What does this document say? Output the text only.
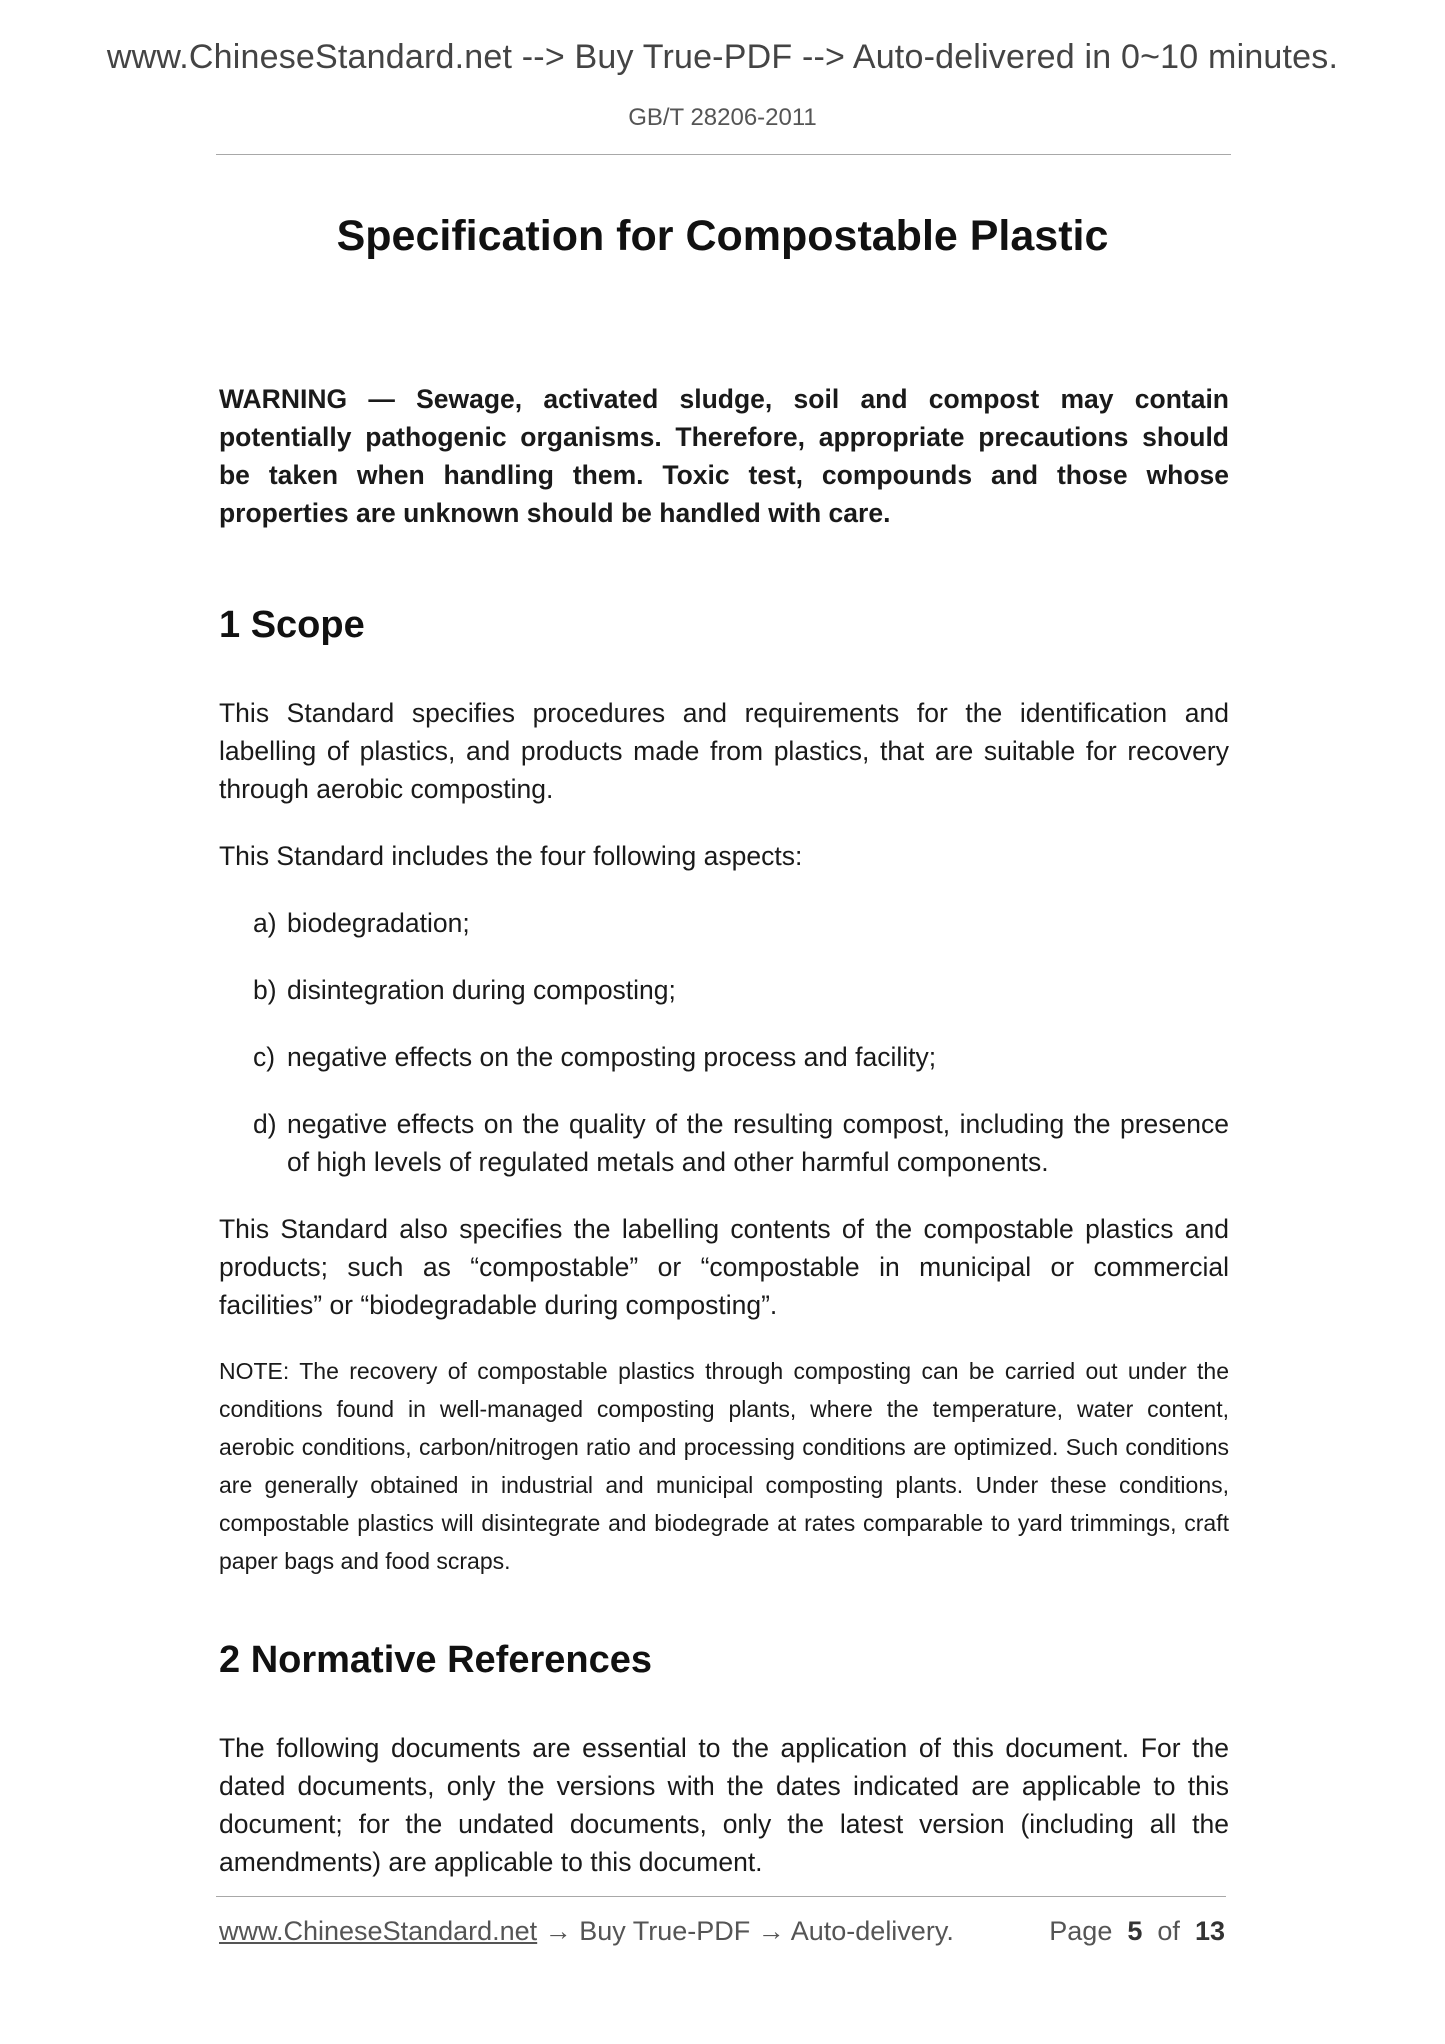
www.ChineseStandard.net --> Buy True-PDF --> Auto-delivered in 0~10 minutes.
GB/T 28206-2011
Specification for Compostable Plastic

WARNING — Sewage, activated sludge, soil and compost may contain potentially pathogenic organisms. Therefore, appropriate precautions should be taken when handling them. Toxic test, compounds and those whose properties are unknown should be handled with care.

1 Scope

This Standard specifies procedures and requirements for the identification and labelling of plastics, and products made from plastics, that are suitable for recovery through aerobic composting.

This Standard includes the four following aspects:

a) biodegradation;
b) disintegration during composting;
c) negative effects on the composting process and facility;
d) negative effects on the quality of the resulting compost, including the presence of high levels of regulated metals and other harmful components.

This Standard also specifies the labelling contents of the compostable plastics and products; such as “compostable” or “compostable in municipal or commercial facilities” or “biodegradable during composting”.

NOTE: The recovery of compostable plastics through composting can be carried out under the conditions found in well-managed composting plants, where the temperature, water content, aerobic conditions, carbon/nitrogen ratio and processing conditions are optimized. Such conditions are generally obtained in industrial and municipal composting plants. Under these conditions, compostable plastics will disintegrate and biodegrade at rates comparable to yard trimmings, craft paper bags and food scraps.

2 Normative References

The following documents are essential to the application of this document. For the dated documents, only the versions with the dates indicated are applicable to this document; for the undated documents, only the latest version (including all the amendments) are applicable to this document.

www.ChineseStandard.net → Buy True-PDF → Auto-delivery.	Page 5 of 13
